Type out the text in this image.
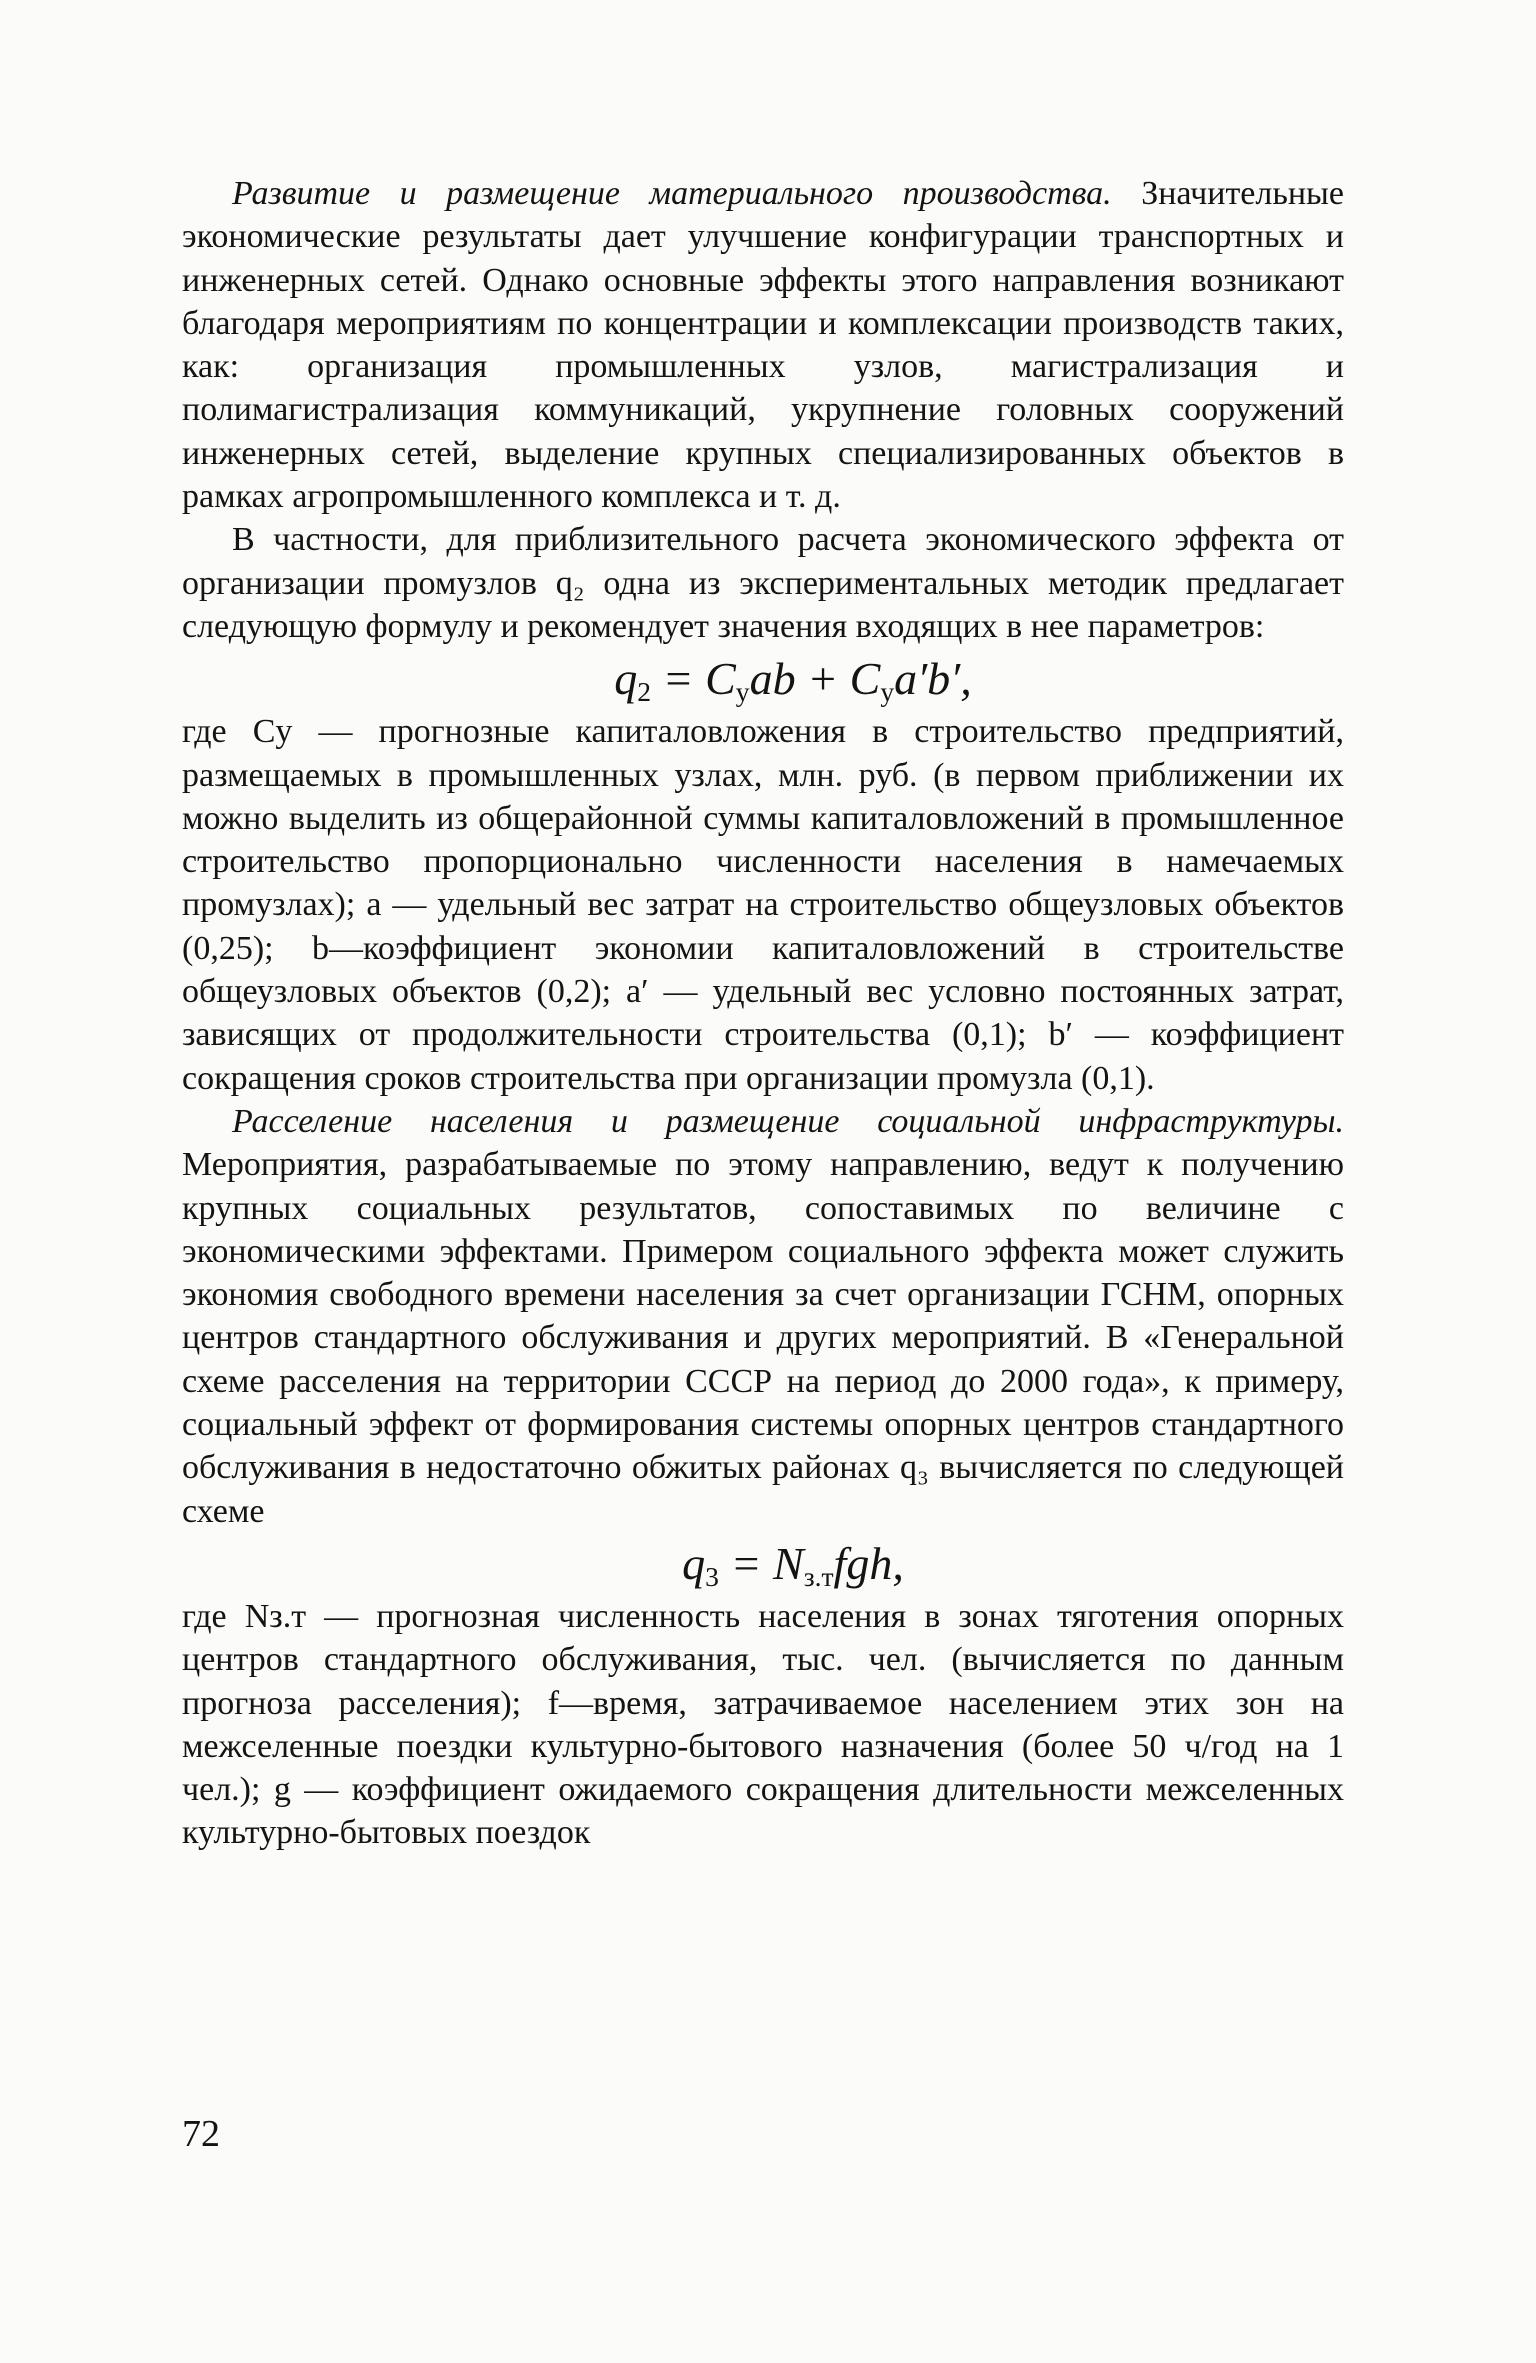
Развитие и размещение материального производства. Значительные экономические результаты дает улучшение конфигурации транспортных и инженерных сетей. Однако основные эффекты этого направления возникают благодаря мероприятиям по концентрации и комплексации производств таких, как: организация промышленных узлов, магистрализация и полимагистрализация коммуникаций, укрупнение головных сооружений инженерных сетей, выделение крупных специализированных объектов в рамках агропромышленного комплекса и т. д.

В частности, для приблизительного расчета экономического эффекта от организации промузлов q₂ одна из экспериментальных методик предлагает следующую формулу и рекомендует значения входящих в нее параметров:

$q_2 = C_yab + C_ya'b'$,

где Cу — прогнозные капиталовложения в строительство предприятий, размещаемых в промышленных узлах, млн. руб. (в первом приближении их можно выделить из общерайонной суммы капиталовложений в промышленное строительство пропорционально численности населения в намечаемых промузлах); a — удельный вес затрат на строительство общеузловых объектов (0,25); b—коэффициент экономии капиталовложений в строительстве общеузловых объектов (0,2); a′ — удельный вес условно постоянных затрат, зависящих от продолжительности строительства (0,1); b′ — коэффициент сокращения сроков строительства при организации промузла (0,1).

Расселение населения и размещение социальной инфраструктуры. Мероприятия, разрабатываемые по этому направлению, ведут к получению крупных социальных результатов, сопоставимых по величине с экономическими эффектами. Примером социального эффекта может служить экономия свободного времени населения за счет организации ГСНМ, опорных центров стандартного обслуживания и других мероприятий. В «Генеральной схеме расселения на территории СССР на период до 2000 года», к примеру, социальный эффект от формирования системы опорных центров стандартного обслуживания в недостаточно обжитых районах q₃ вычисляется по следующей схеме

$q_3 = N_{з.т}fgh$,

где Nз.т — прогнозная численность населения в зонах тяготения опорных центров стандартного обслуживания, тыс. чел. (вычисляется по данным прогноза расселения); f—время, затрачиваемое населением этих зон на межселенные поездки культурно-бытового назначения (более 50 ч/год на 1 чел.); g — коэффициент ожидаемого сокращения длительности межселенных культурно-бытовых поездок

72
